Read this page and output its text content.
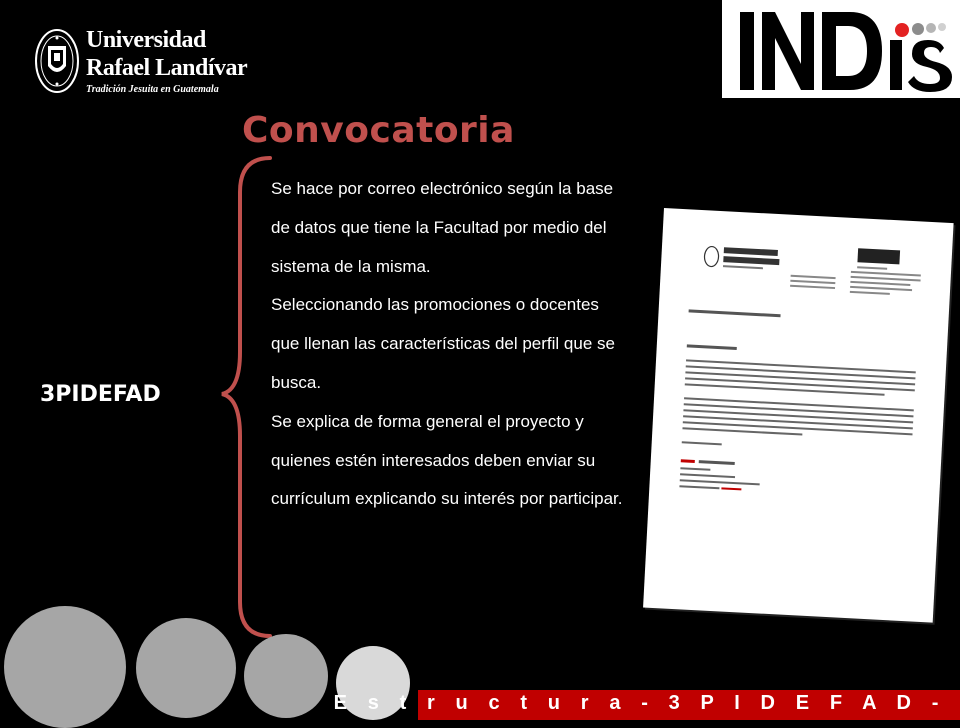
Universidad
Rafael Landívar
Tradición Jesuita en Guatemala
Convocatoria
3PIDEFAD

Se hace por correo electrónico según la base de datos que tiene la Facultad por medio del sistema de la misma.

Seleccionando las promociones o docentes que llenan las características del perfil que se busca.

Se explica de forma general el proyecto y quienes estén interesados deben enviar su currículum explicando su interés por participar.

E s t r u c t u r a - 3 P I D E F A D -
